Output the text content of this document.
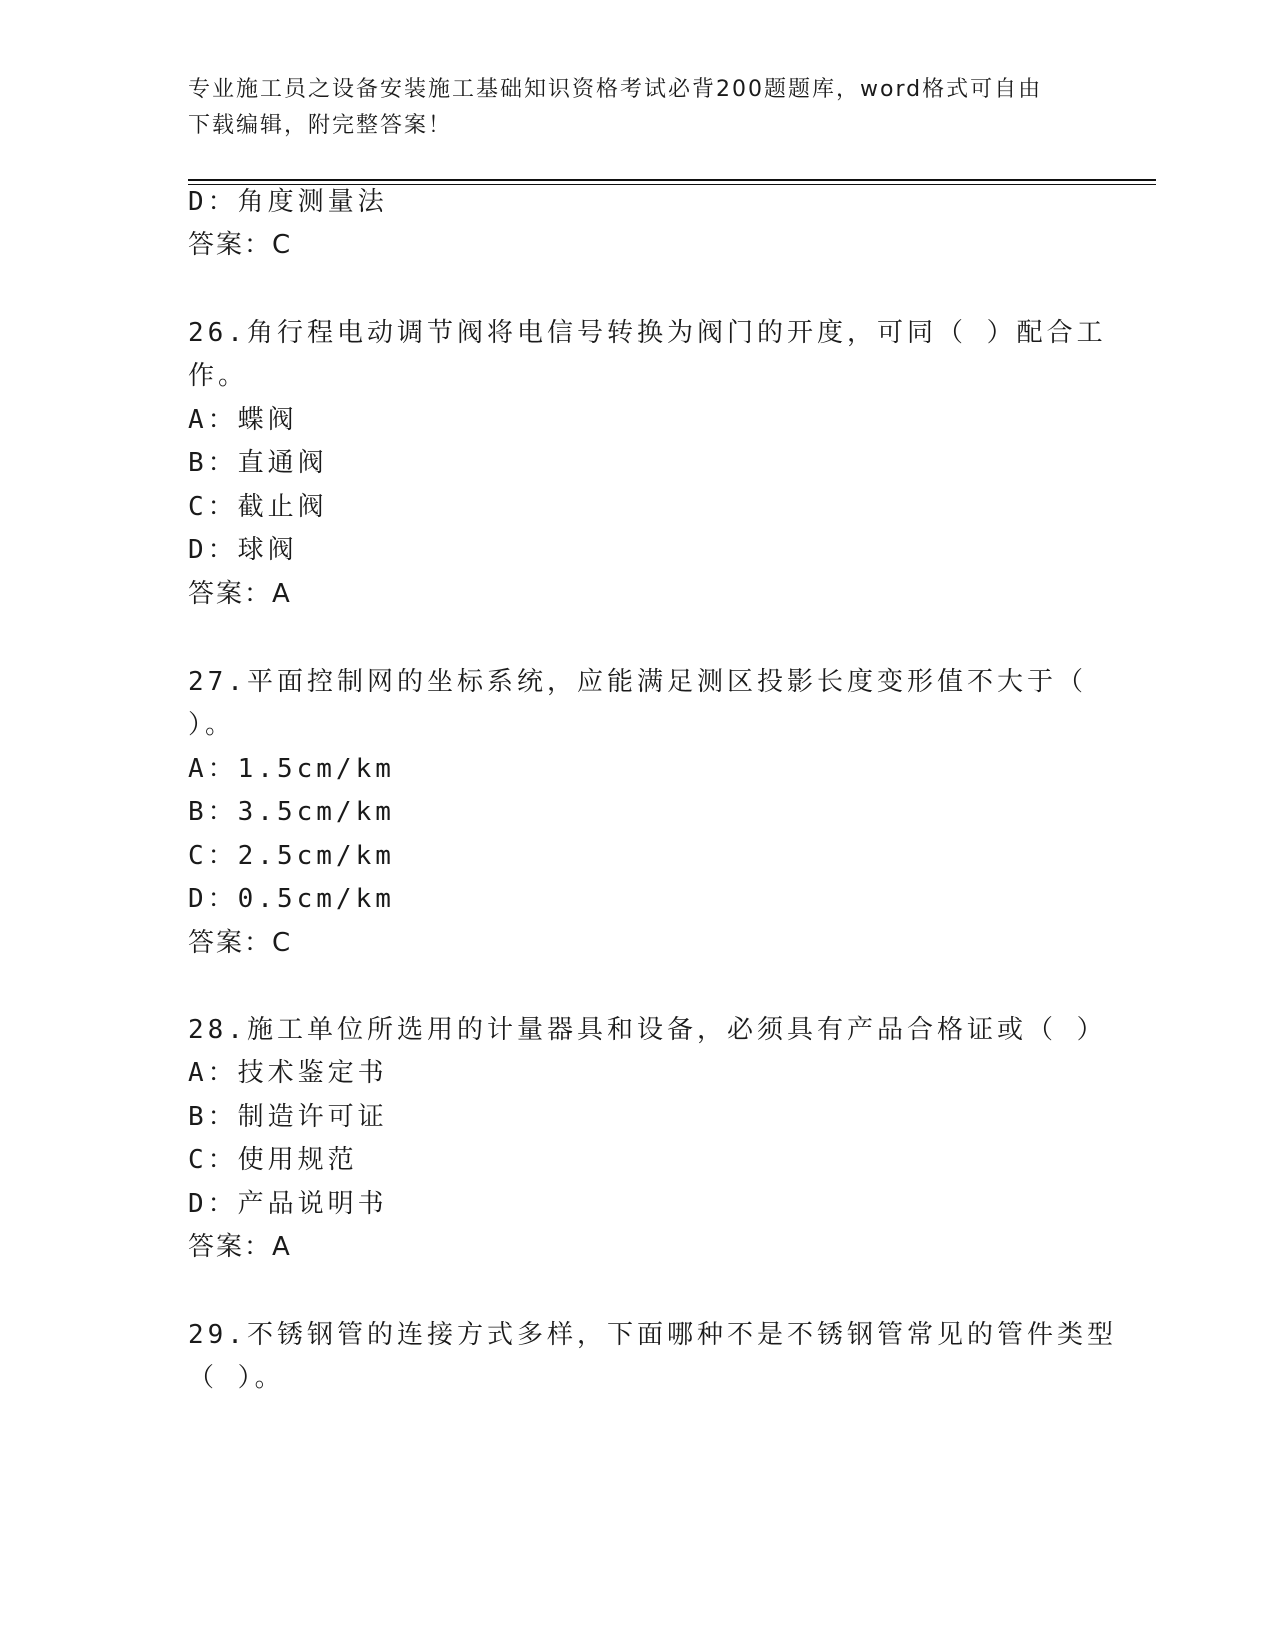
专业施工员之设备安装施工基础知识资格考试必背200题题库，word格式可自由
下载编辑，附完整答案！
D：角度测量法
答案：C
26.角行程电动调节阀将电信号转换为阀门的开度，可同（ ）配合工
作。
A：蝶阀
B：直通阀
C：截止阀
D：球阀
答案：A
27.平面控制网的坐标系统，应能满足测区投影长度变形值不大于（
）。
A：1.5cm/km
B：3.5cm/km
C：2.5cm/km
D：0.5cm/km
答案：C
28.施工单位所选用的计量器具和设备，必须具有产品合格证或（ ）
A：技术鉴定书
B：制造许可证
C：使用规范
D：产品说明书
答案：A
29.不锈钢管的连接方式多样，下面哪种不是不锈钢管常见的管件类型
（ ）。
